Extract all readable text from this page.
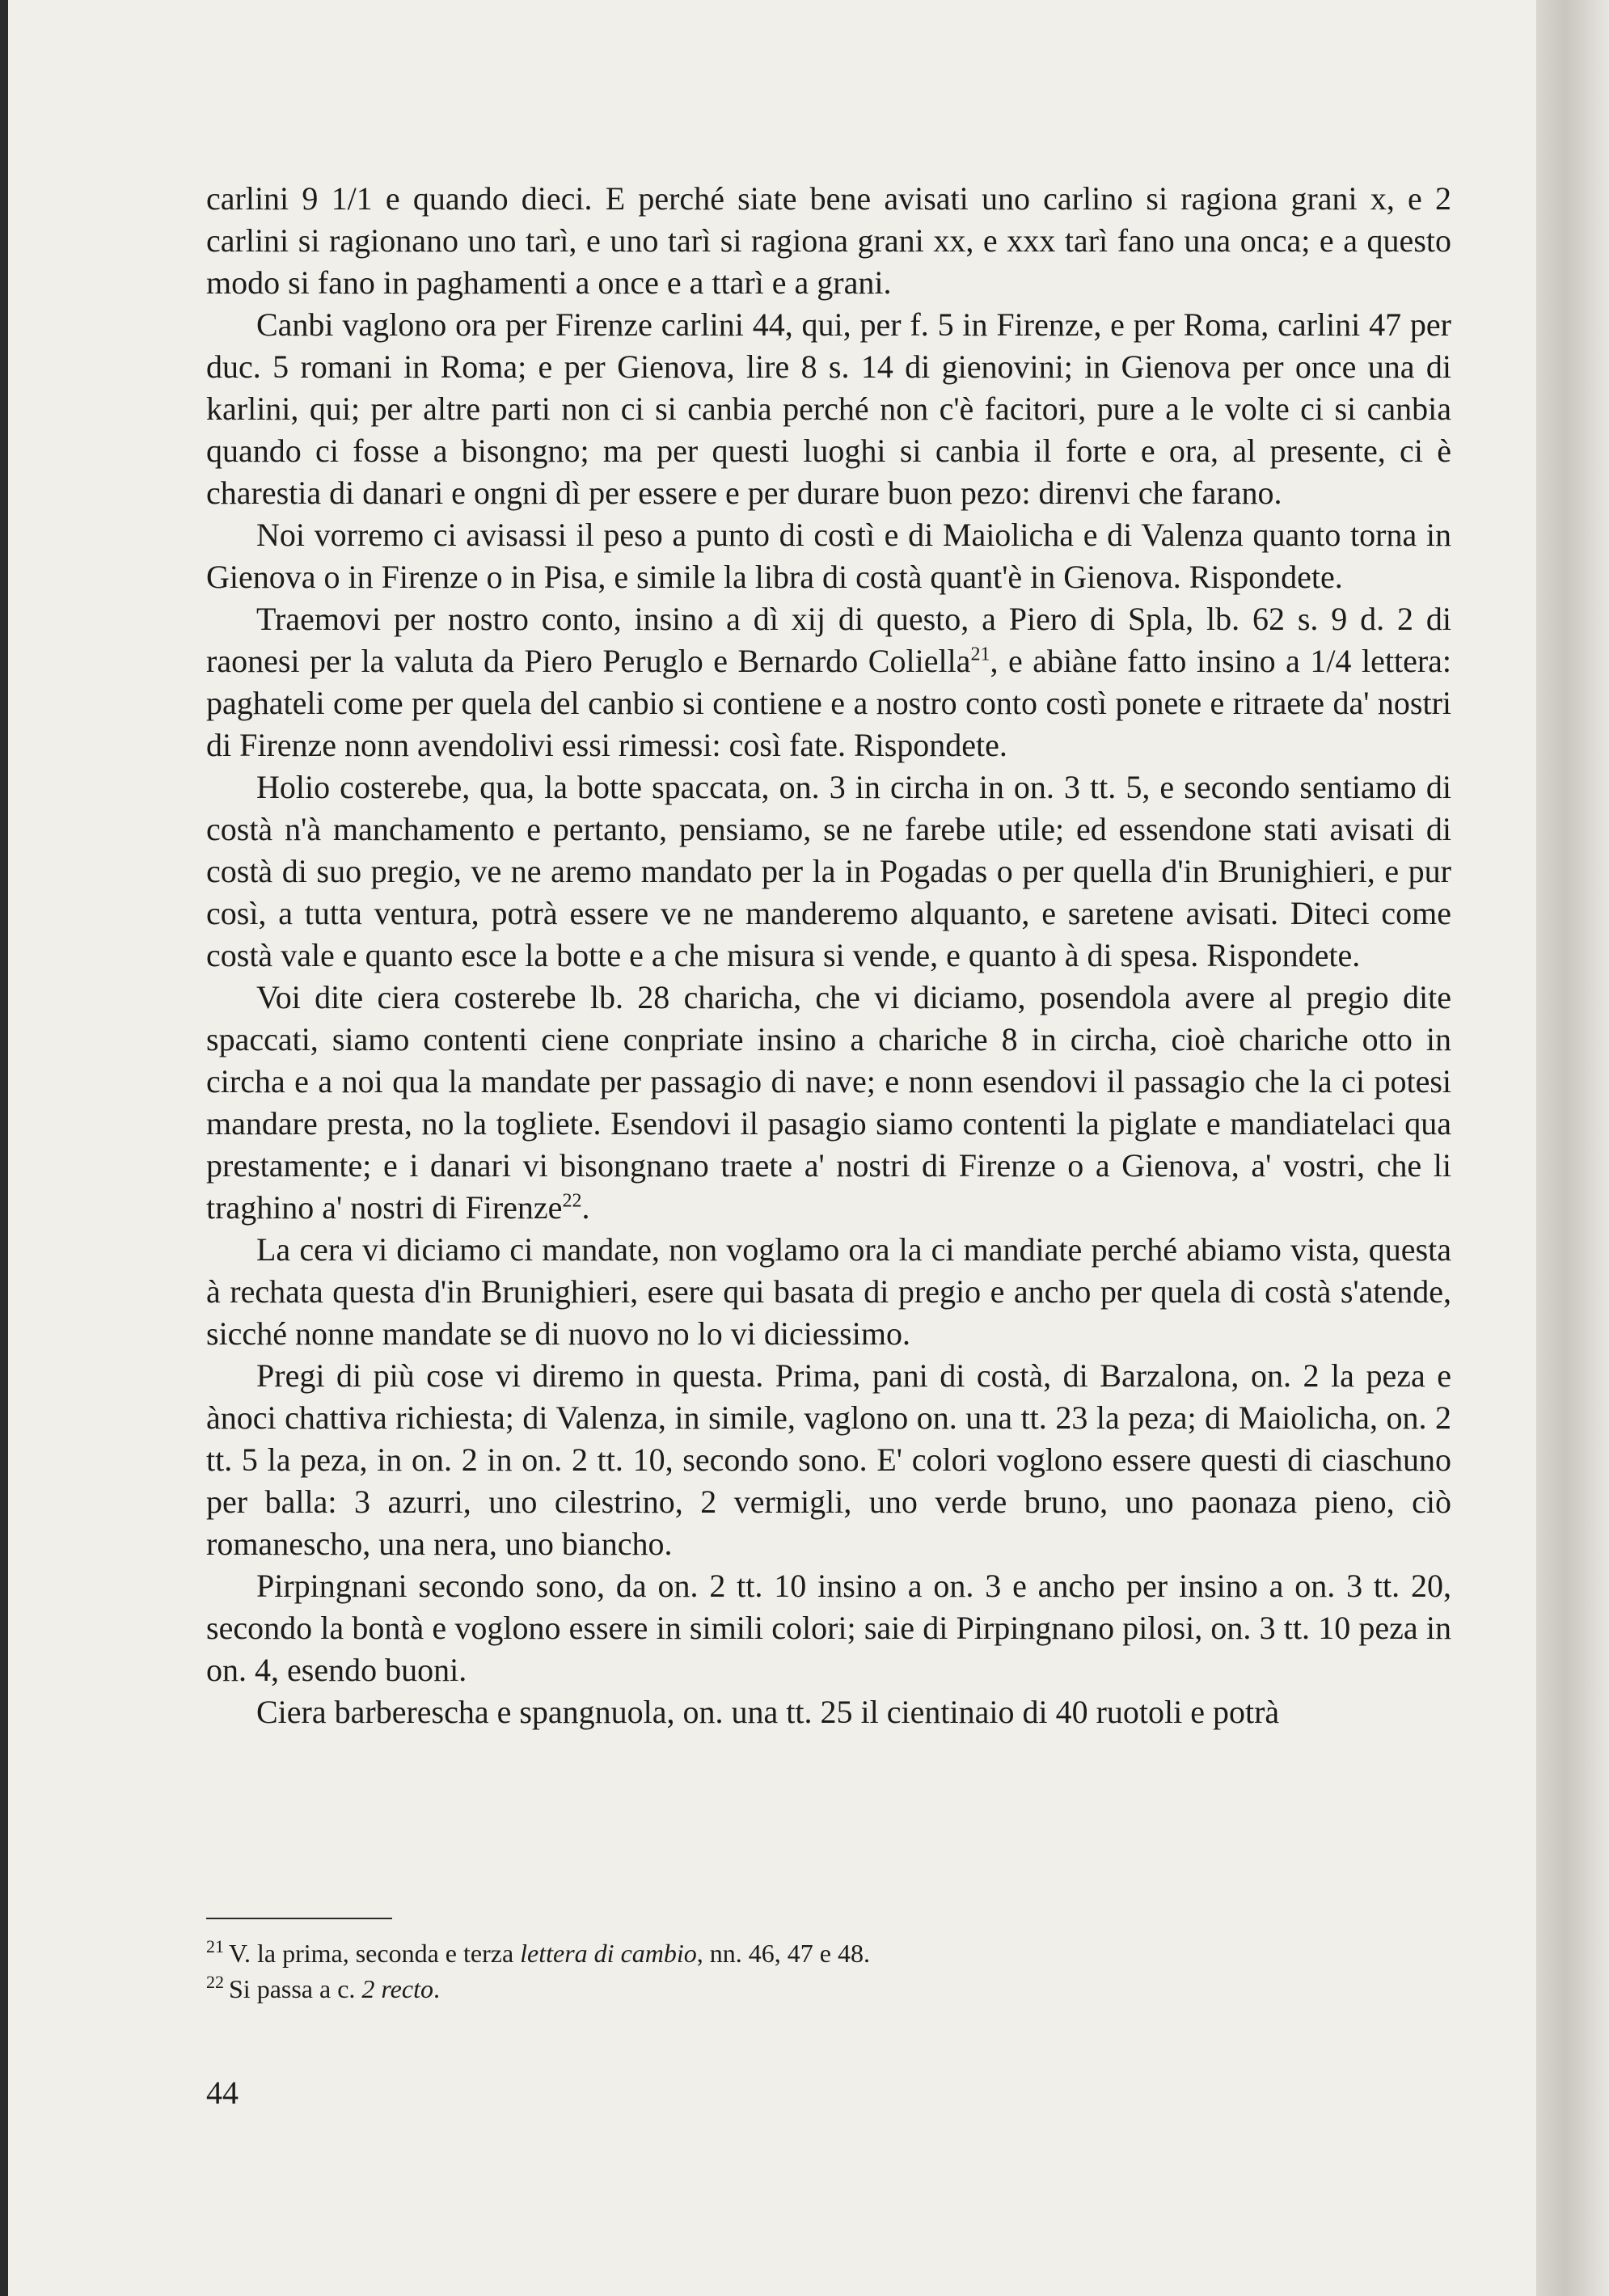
carlini 9 1/1 e quando dieci. E perché siate bene avisati uno carlino si ragiona grani x, e 2 carlini si ragionano uno tarì, e uno tarì si ragiona grani xx, e xxx tarì fano una onca; e a questo modo si fano in paghamenti a once e a ttarì e a grani.

Canbi vaglono ora per Firenze carlini 44, qui, per f. 5 in Firenze, e per Roma, carlini 47 per duc. 5 romani in Roma; e per Gienova, lire 8 s. 14 di gienovini; in Gienova per once una di karlini, qui; per altre parti non ci si canbia perché non c'è facitori, pure a le volte ci si canbia quando ci fosse a bisongno; ma per questi luoghi si canbia il forte e ora, al presente, ci è charestia di danari e ongni dì per essere e per durare buon pezo: direnvi che farano.

Noi vorremo ci avisassi il peso a punto di costì e di Maiolicha e di Valenza quanto torna in Gienova o in Firenze o in Pisa, e simile la libra di costà quant'è in Gienova. Rispondete.

Traemovi per nostro conto, insino a dì xij di questo, a Piero di Spla, lb. 62 s. 9 d. 2 di raonesi per la valuta da Piero Peruglo e Bernardo Coliella$^{21}$, e abiàne fatto insino a 1/4 lettera: paghateli come per quela del canbio si contiene e a nostro conto costì ponete e ritraete da' nostri di Firenze nonn avendolivi essi rimessi: così fate. Rispondete.

Holio costerebe, qua, la botte spaccata, on. 3 in circha in on. 3 tt. 5, e secondo sentiamo di costà n'à manchamento e pertanto, pensiamo, se ne farebe utile; ed essendone stati avisati di costà di suo pregio, ve ne aremo mandato per la in Pogadas o per quella d'in Brunighieri, e pur così, a tutta ventura, potrà essere ve ne manderemo alquanto, e saretene avisati. Diteci come costà vale e quanto esce la botte e a che misura si vende, e quanto à di spesa. Rispondete.

Voi dite ciera costerebe lb. 28 charicha, che vi diciamo, posendola avere al pregio dite spaccati, siamo contenti ciene conpriate insino a chariche 8 in circha, cioè chariche otto in circha e a noi qua la mandate per passagio di nave; e nonn esendovi il passagio che la ci potesi mandare presta, no la togliete. Esendovi il pasagio siamo contenti la piglate e mandiatelaci qua prestamente; e i danari vi bisongnano traete a' nostri di Firenze o a Gienova, a' vostri, che li traghino a' nostri di Firenze$^{22}$.

La cera vi diciamo ci mandate, non voglamo ora la ci mandiate perché abiamo vista, questa à rechata questa d'in Brunighieri, esere qui basata di pregio e ancho per quela di costà s'atende, sicché nonne mandate se di nuovo no lo vi diciessimo.

Pregi di più cose vi diremo in questa. Prima, pani di costà, di Barzalona, on. 2 la peza e ànoci chattiva richiesta; di Valenza, in simile, vaglono on. una tt. 23 la peza; di Maiolicha, on. 2 tt. 5 la peza, in on. 2 in on. 2 tt. 10, secondo sono. E' colori voglono essere questi di ciaschuno per balla: 3 azurri, uno cilestrino, 2 vermigli, uno verde bruno, uno paonaza pieno, ciò romaneschо, una nera, uno biancho.

Pirpingnani secondo sono, da on. 2 tt. 10 insino a on. 3 e ancho per insino a on. 3 tt. 20, secondo la bontà e voglono essere in simili colori; saie di Pirpingnano pilosi, on. 3 tt. 10 peza in on. 4, esendo buoni.

Ciera barberescha e spangnuola, on. una tt. 25 il cientinaio di 40 ruotoli e potrà

$^{21}$ V. la prima, seconda e terza lettera di cambio, nn. 46, 47 e 48.

$^{22}$ Si passa a c. 2 recto.

44
